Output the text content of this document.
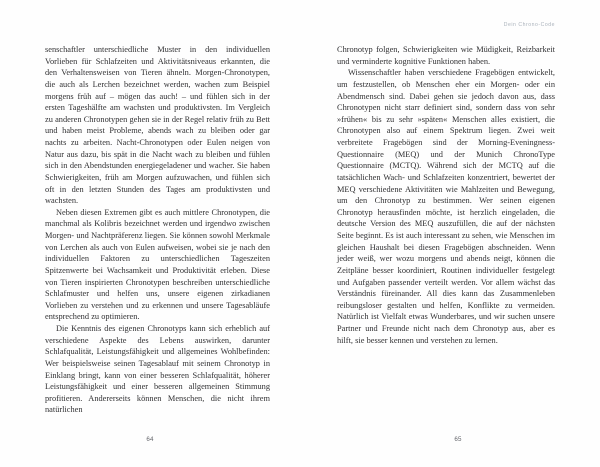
senschaftler unterschiedliche Muster in den individuellen Vorlieben für Schlafzeiten und Aktivitätsniveaus erkannten, die den Verhaltensweisen von Tieren ähneln. Morgen-Chronotypen, die auch als Lerchen bezeichnet werden, wachen zum Beispiel morgens früh auf – mögen das auch! – und fühlen sich in der ersten Tageshälfte am wachsten und produktivsten. Im Vergleich zu anderen Chronotypen gehen sie in der Regel relativ früh zu Bett und haben meist Probleme, abends wach zu bleiben oder gar nachts zu arbeiten. Nacht-Chronotypen oder Eulen neigen von Natur aus dazu, bis spät in die Nacht wach zu bleiben und fühlen sich in den Abendstunden energiegeladener und wacher. Sie haben Schwierigkeiten, früh am Morgen aufzuwachen, und fühlen sich oft in den letzten Stunden des Tages am produktivsten und wachsten.

Neben diesen Extremen gibt es auch mittlere Chronotypen, die manchmal als Kolibris bezeichnet werden und irgendwo zwischen Morgen- und Nachtpräferenz liegen. Sie können sowohl Merkmale von Lerchen als auch von Eulen aufweisen, wobei sie je nach den individuellen Faktoren zu unterschiedlichen Tageszeiten Spitzenwerte bei Wachsamkeit und Produktivität erleben. Diese von Tieren inspirierten Chronotypen beschreiben unterschiedliche Schlafmuster und helfen uns, unsere eigenen zirkadianen Vorlieben zu verstehen und zu erkennen und unsere Tagesabläufe entsprechend zu optimieren.

Die Kenntnis des eigenen Chronotyps kann sich erheblich auf verschiedene Aspekte des Lebens auswirken, darunter Schlafqualität, Leistungsfähigkeit und allgemeines Wohlbefinden: Wer beispielsweise seinen Tagesablauf mit seinem Chronotyp in Einklang bringt, kann von einer besseren Schlafqualität, höherer Leistungsfähigkeit und einer besseren allgemeinen Stimmung profitieren. Andererseits können Menschen, die nicht ihrem natürlichen

64
Dein Chrono-Code

Chronotyp folgen, Schwierigkeiten wie Müdigkeit, Reizbarkeit und verminderte kognitive Funktionen haben.

Wissenschaftler haben verschiedene Fragebögen entwickelt, um festzustellen, ob Menschen eher ein Morgen- oder ein Abendmensch sind. Dabei gehen sie jedoch davon aus, dass Chronotypen nicht starr definiert sind, sondern dass von sehr »frühen« bis zu sehr »späten« Menschen alles existiert, die Chronotypen also auf einem Spektrum liegen. Zwei weit verbreitete Fragebögen sind der Morning-Eveningness-Questionnaire (MEQ) und der Munich ChronoType Questionnaire (MCTQ). Während sich der MCTQ auf die tatsächlichen Wach- und Schlafzeiten konzentriert, bewertet der MEQ verschiedene Aktivitäten wie Mahlzeiten und Bewegung, um den Chronotyp zu bestimmen. Wer seinen eigenen Chronotyp herausfinden möchte, ist herzlich eingeladen, die deutsche Version des MEQ auszufüllen, die auf der nächsten Seite beginnt. Es ist auch interessant zu sehen, wie Menschen im gleichen Haushalt bei diesen Fragebögen abschneiden. Wenn jeder weiß, wer wozu morgens und abends neigt, können die Zeitpläne besser koordiniert, Routinen individueller festgelegt und Aufgaben passender verteilt werden. Vor allem wächst das Verständnis füreinander. All dies kann das Zusammenleben reibungsloser gestalten und helfen, Konflikte zu vermeiden. Natürlich ist Vielfalt etwas Wunderbares, und wir suchen unsere Partner und Freunde nicht nach dem Chronotyp aus, aber es hilft, sie besser kennen und verstehen zu lernen.

65
